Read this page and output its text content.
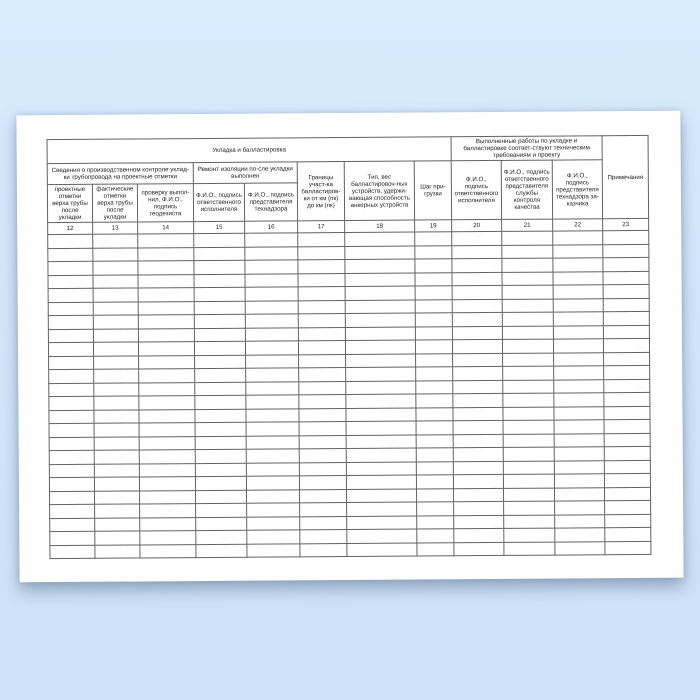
Укладка и балластировка								Выполненные работы по укладке и балластировке соответ-ствуют техническим требованиям и проекту			Примечания
Сведения о производственном контроле уклад-ки трубопровода на проектные отметки			Ремонт изоляции по-сле укладки выполнен		Границы участ-ка балластиров-ки от км (пк) до км (пк)	Тип, вес балластировоч-ных устройств, удержи-вающая способность анкерных устройств	Шаг при-грузки	Ф.И.О., подпись ответственного исполнителя	Ф.И.О., подпись ответственного представителя службы контроля качества	Ф.И.О., подпись представителя технадзора за-казчика	
проектные отметки верха трубы после укладки	фактические отметки верха трубы после укладки	проверку выпол-нил, Ф.И.О., подпись геодезиста	Ф.И.О., подпись ответственного исполнителя	Ф.И.О., подпись представителя технадзора							
12	13	14	15	16	17	18	19	20	21	22	23
